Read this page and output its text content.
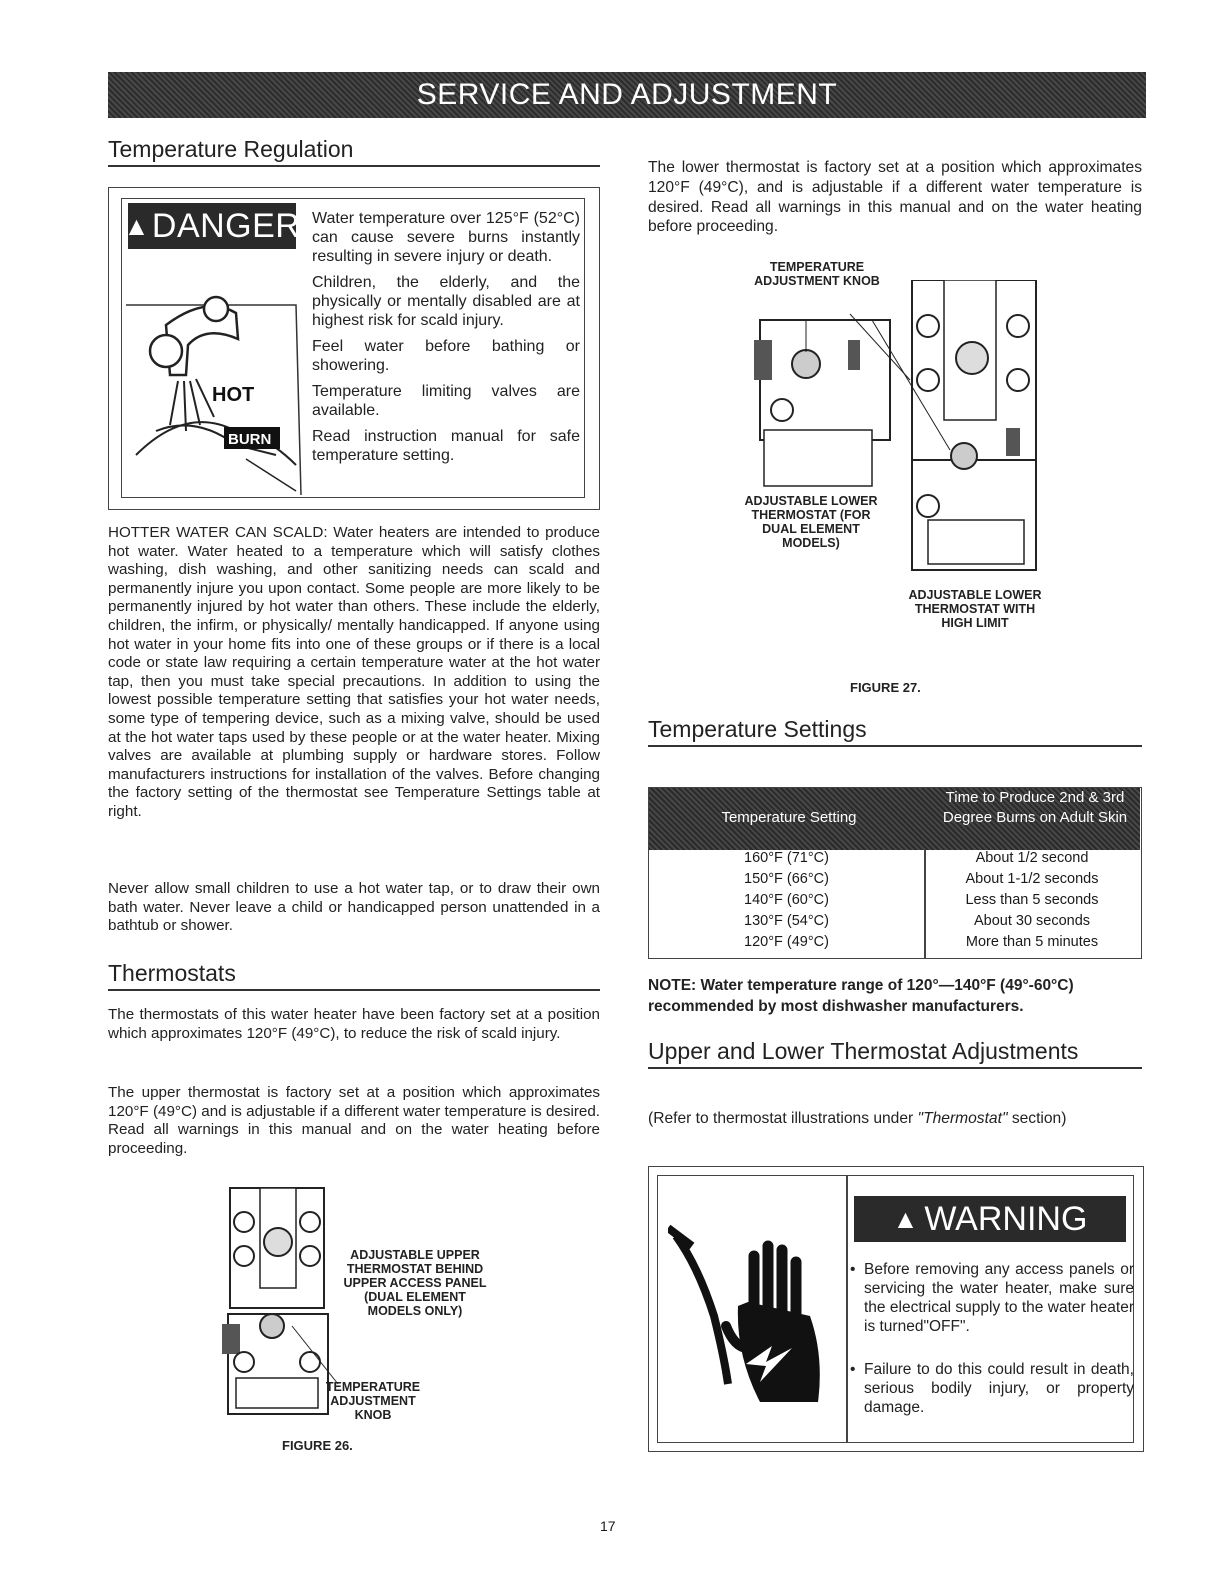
SERVICE AND ADJUSTMENT
Temperature Regulation
▲ DANGER
HOT
BURN

Water temperature over 125°F (52°C) can cause severe burns instantly resulting in severe injury or death.

Children, the elderly, and the physically or mentally disabled are at highest risk for scald injury.

Feel water before bathing or showering.

Temperature limiting valves are available.

Read instruction manual for safe temperature setting.

HOTTER WATER CAN SCALD: Water heaters are intended to produce hot water. Water heated to a temperature which will satisfy clothes washing, dish washing, and other sanitizing needs can scald and permanently injure you upon contact. Some people are more likely to be permanently injured by hot water than others. These include the elderly, children, the infirm, or physically/ mentally handicapped. If anyone using hot water in your home fits into one of these groups or if there is a local code or state law requiring a certain temperature water at the hot water tap, then you must take special precautions. In addition to using the lowest possible temperature setting that satisfies your hot water needs, some type of tempering device, such as a mixing valve, should be used at the hot water taps used by these people or at the water heater. Mixing valves are available at plumbing supply or hardware stores. Follow manufacturers instructions for installation of the valves. Before changing the factory setting of the thermostat see Temperature Settings table at right.

Never allow small children to use a hot water tap, or to draw their own bath water. Never leave a child or handicapped person unattended in a bathtub or shower.

Thermostats

The thermostats of this water heater have been factory set at a position which approximates 120°F (49°C), to reduce the risk of scald injury.

The upper thermostat is factory set at a position which approximates 120°F (49°C) and is adjustable if a different water temperature is desired. Read all warnings in this manual and on the water heating before proceeding.

ADJUSTABLE UPPER THERMOSTAT BEHIND UPPER ACCESS PANEL (DUAL ELEMENT MODELS ONLY)
TEMPERATURE ADJUSTMENT KNOB
FIGURE 26.

The lower thermostat is factory set at a position which approximates 120°F (49°C), and is adjustable if a different water temperature is desired. Read all warnings in this manual and on the water heating before proceeding.

TEMPERATURE ADJUSTMENT KNOB
ADJUSTABLE LOWER THERMOSTAT (FOR DUAL ELEMENT MODELS)
ADJUSTABLE LOWER THERMOSTAT WITH HIGH LIMIT
FIGURE 27.
Temperature Settings
Temperature Setting
Time to Produce 2nd & 3rd Degree Burns on Adult Skin
160°F (71°C)	About 1/2 second
150°F (66°C)	About 1-1/2 seconds
140°F (60°C)	Less than 5 seconds
130°F (54°C)	About 30 seconds
120°F (49°C)	More than 5 minutes
NOTE: Water temperature range of 120°—140°F (49°-60°C) recommended by most dishwasher manufacturers.
Upper and Lower Thermostat Adjustments

(Refer to thermostat illustrations under "Thermostat" section)

▲ WARNING
• Before removing any access panels or servicing the water heater, make sure the electrical supply to the water heater is turned"OFF".
• Failure to do this could result in death, serious bodily injury, or property damage.
17
